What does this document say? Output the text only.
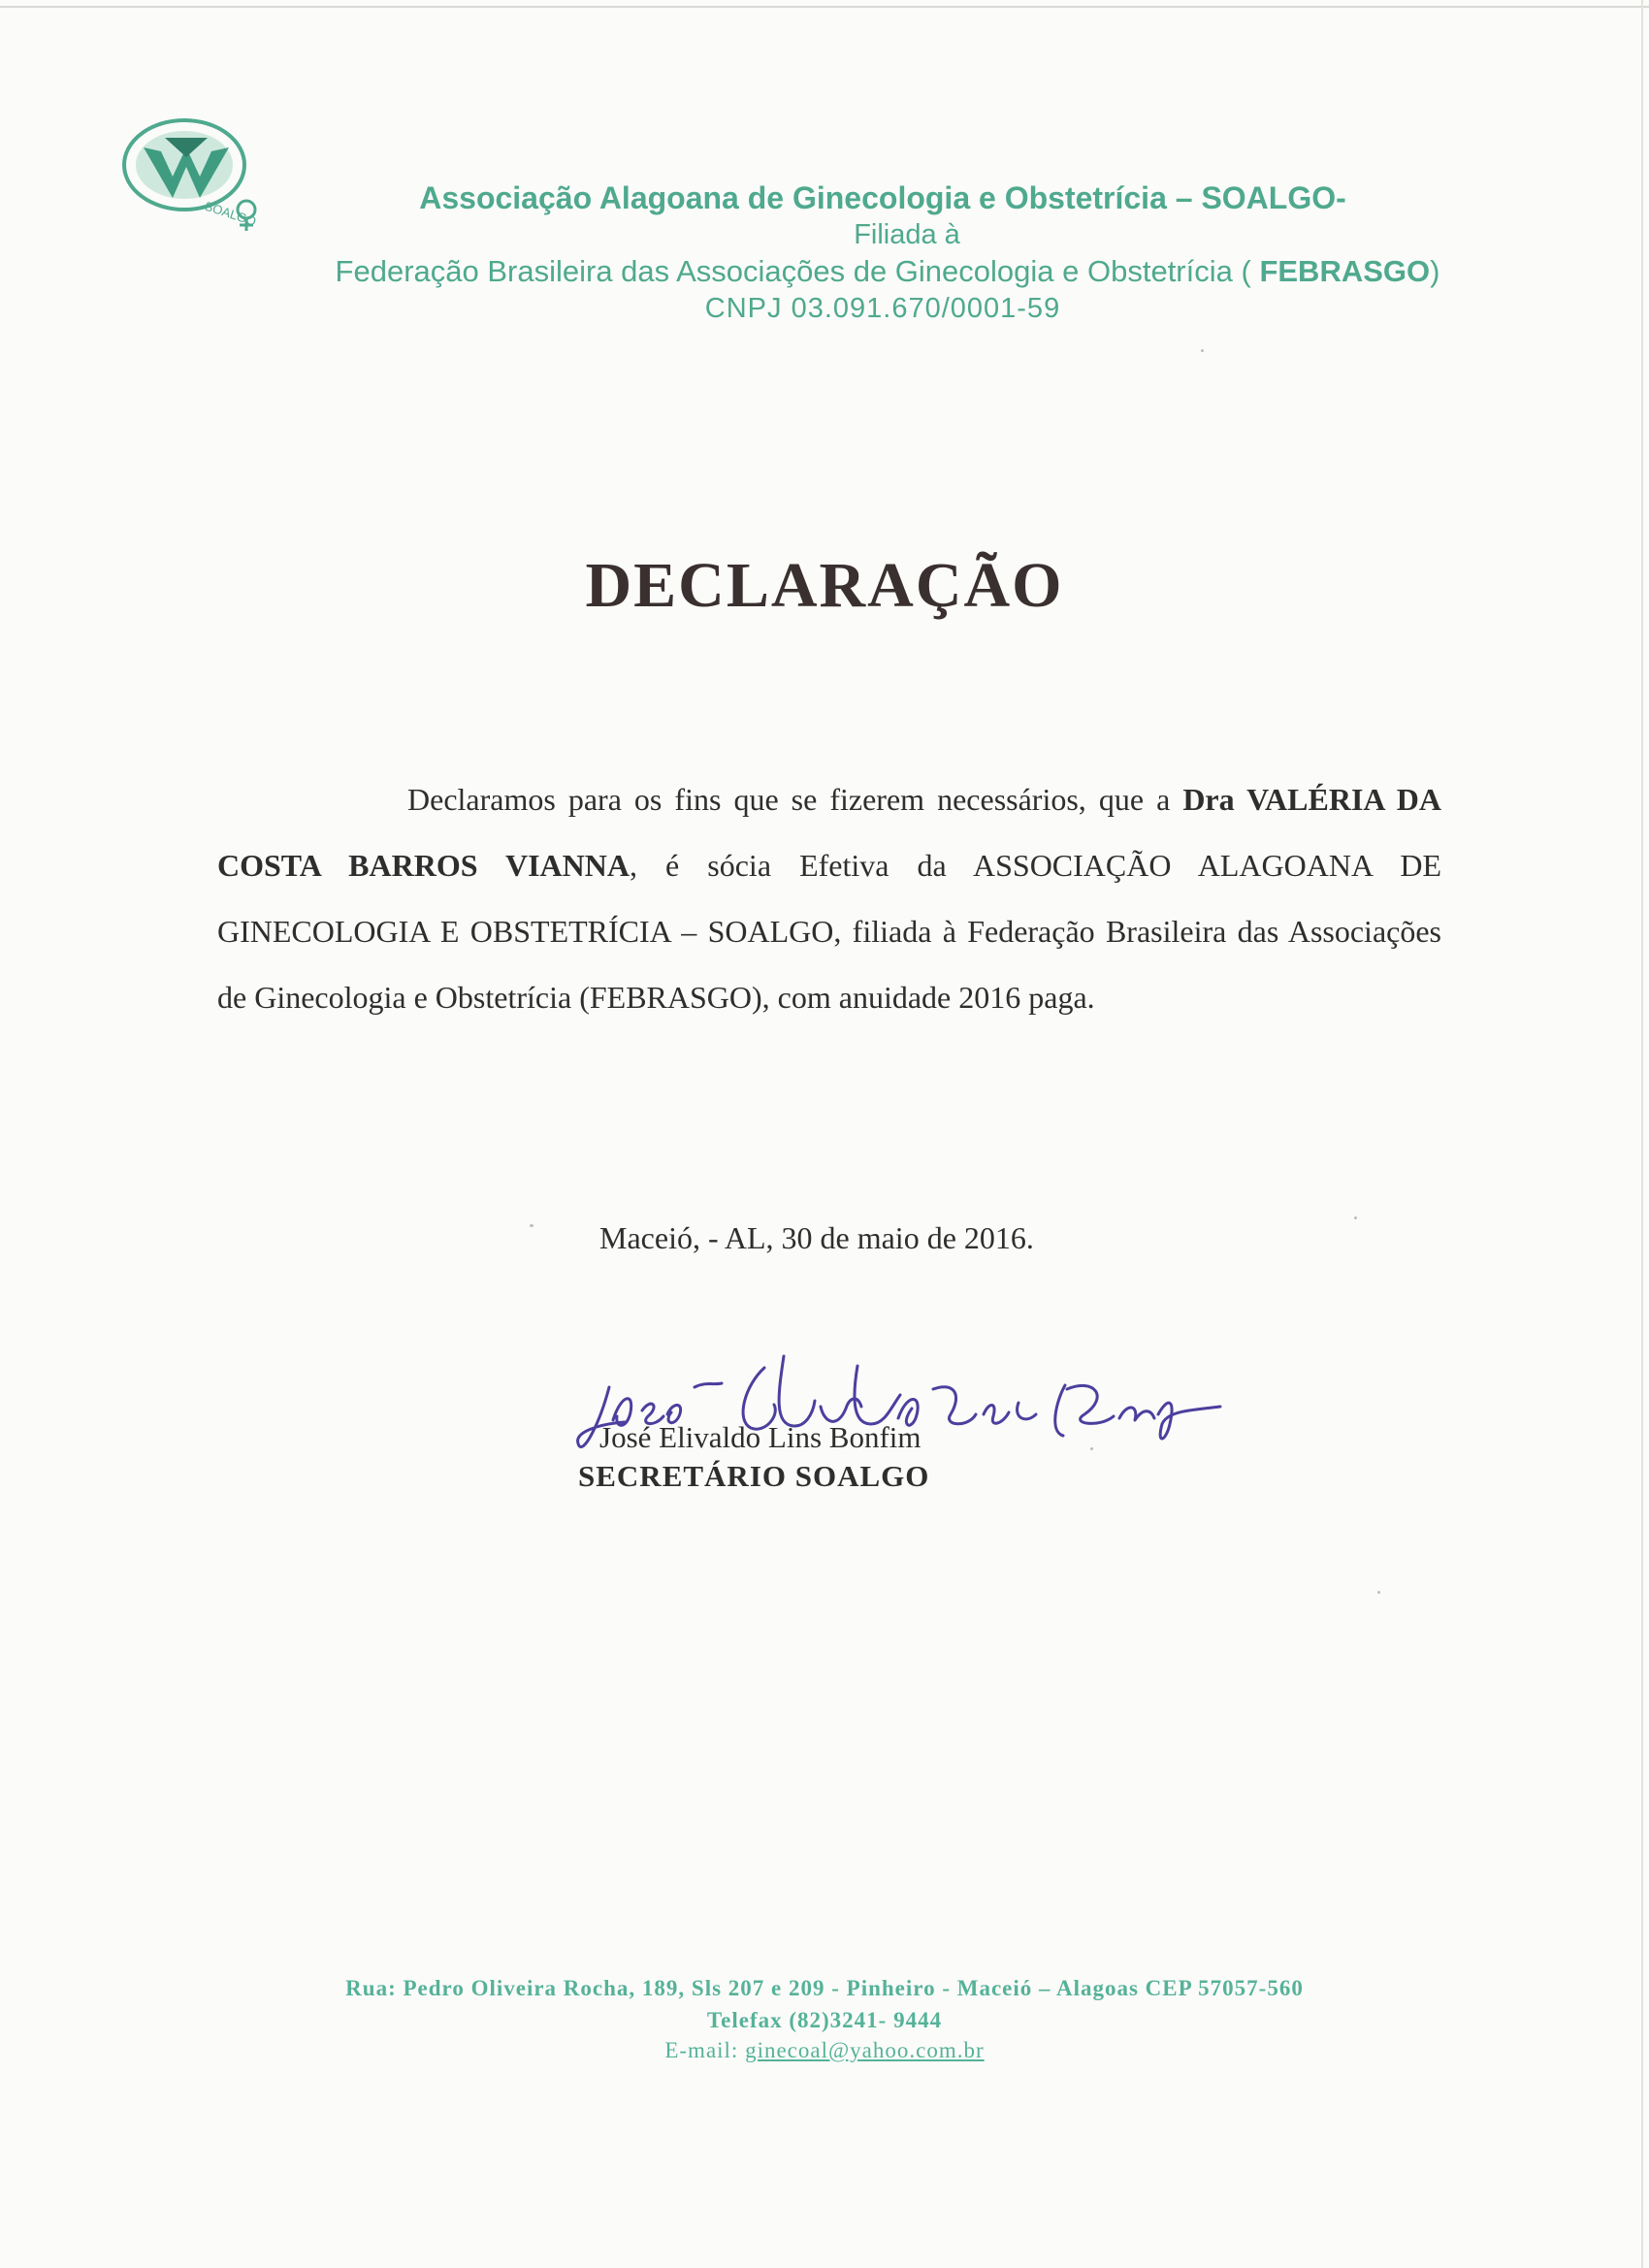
SOALGO	Associação Alagoana de Ginecologia e Obstetrícia – SOALGO-
Filiada à
Federação Brasileira das Associações de Ginecologia e Obstetrícia ( FEBRASGO)
CNPJ 03.091.670/0001-59
DECLARAÇÃO
Declaramos para os fins que se fizerem necessários, que a Dra VALÉRIA DA COSTA BARROS VIANNA, é sócia Efetiva da ASSOCIAÇÃO ALAGOANA DE GINECOLOGIA E OBSTETRÍCIA – SOALGO, filiada à Federação Brasileira das Associações de Ginecologia e Obstetrícia (FEBRASGO), com anuidade 2016 paga.
Maceió, - AL, 30 de maio de 2016.
José Elivaldo Lins Bonfim
SECRETÁRIO SOALGO
Rua: Pedro Oliveira Rocha, 189, Sls 207 e 209 - Pinheiro - Maceió – Alagoas CEP 57057-560
Telefax (82)3241- 9444
E-mail: ginecoal@yahoo.com.br
